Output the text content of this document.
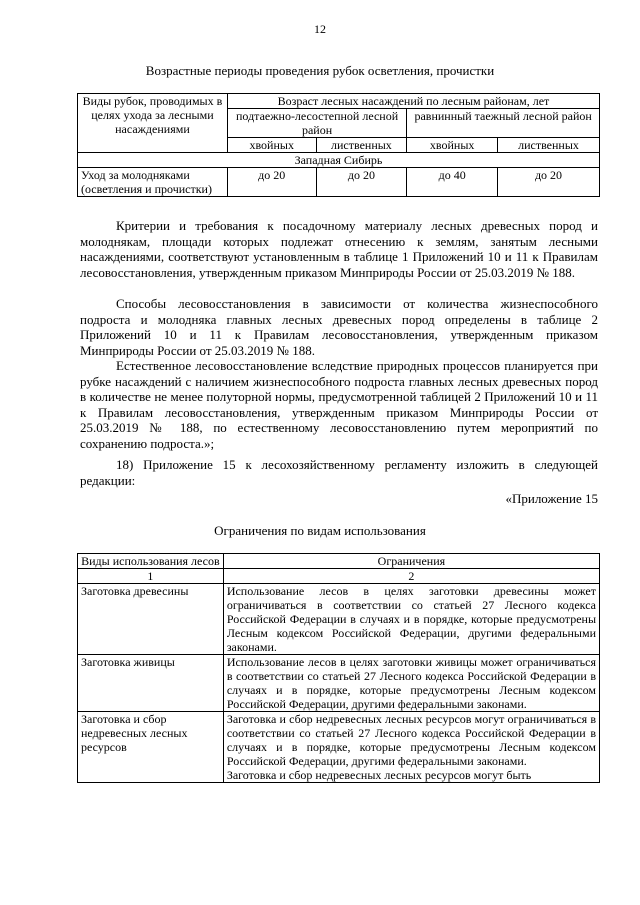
12
Возрастные периоды проведения рубок осветления, прочистки
Виды рубок, проводимых в целях ухода за лесными насаждениями	Возраст лесных насаждений по лесным районам, лет			
	подтаежно-лесостепной лесной район		равнинный таежный лесной район	
	хвойных	лиственных	хвойных	лиственных
Западная Сибирь				
Уход за молодняками (осветления и прочистки)	до 20	до 20	до 40	до 20

Критерии и требования к посадочному материалу лесных древесных пород и молоднякам, площади которых подлежат отнесению к землям, занятым лесными насаждениями, соответствуют установленным в таблице 1 Приложений 10 и 11 к Правилам лесовосстановления, утвержденным приказом Минприроды России от 25.03.2019 № 188.

Способы лесовосстановления в зависимости от количества жизнеспособного подроста и молодняка главных лесных древесных пород определены в таблице 2 Приложений 10 и 11 к Правилам лесовосстановления, утвержденным приказом Минприроды России от 25.03.2019 № 188.

Естественное лесовосстановление вследствие природных процессов планируется при рубке насаждений с наличием жизнеспособного подроста главных лесных древесных пород в количестве не менее полуторной нормы, предусмотренной таблицей 2 Приложений 10 и 11 к Правилам лесовосстановления, утвержденным приказом Минприроды России от 25.03.2019 № 188, по естественному лесовосстановлению путем мероприятий по сохранению подроста.»;

18) Приложение 15 к лесохозяйственному регламенту изложить в следующей редакции:

«Приложение 15
Ограничения по видам использования
Виды использования лесов	Ограничения
1	2
Заготовка древесины	Использование лесов в целях заготовки древесины может ограничиваться в соответствии со статьей 27 Лесного кодекса Российской Федерации в случаях и в порядке, которые предусмотрены Лесным кодексом Российской Федерации, другими федеральными законами.
Заготовка живицы	Использование лесов в целях заготовки живицы может ограничиваться в соответствии со статьей 27 Лесного кодекса Российской Федерации в случаях и в порядке, которые предусмотрены Лесным кодексом Российской Федерации, другими федеральными законами.
Заготовка и сбор недревесных лесных ресурсов	Заготовка и сбор недревесных лесных ресурсов могут ограничиваться в соответствии со статьей 27 Лесного кодекса Российской Федерации в случаях и в порядке, которые предусмотрены Лесным кодексом Российской Федерации, другими федеральными законами.
Заготовка и сбор недревесных лесных ресурсов могут быть
